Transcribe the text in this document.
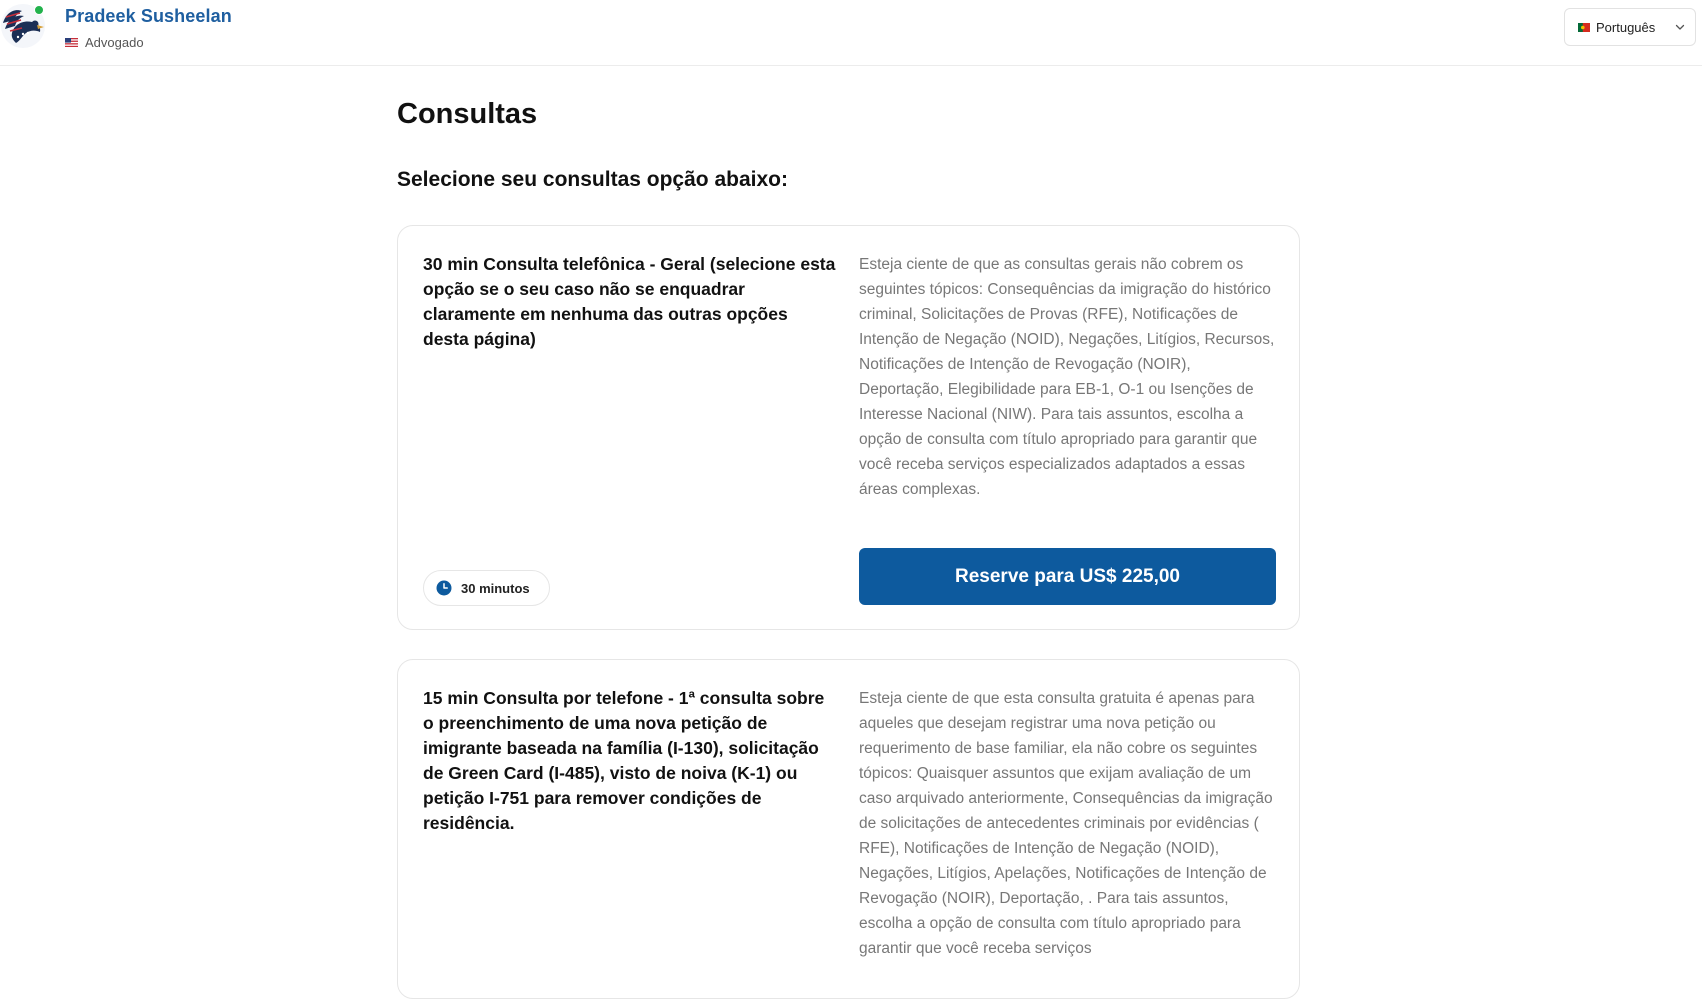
Pradeek Susheelan
Advogado
Português
Consultas
Selecione seu consultas opção abaixo:
30 min Consulta telefônica - Geral (selecione esta opção se o seu caso não se enquadrar claramente em nenhuma das outras opções desta página)
Esteja ciente de que as consultas gerais não cobrem os seguintes tópicos: Consequências da imigração do histórico criminal, Solicitações de Provas (RFE), Notificações de Intenção de Negação (NOID), Negações, Litígios, Recursos, Notificações de Intenção de Revogação (NOIR), Deportação, Elegibilidade para EB-1, O-1 ou Isenções de Interesse Nacional (NIW). Para tais assuntos, escolha a opção de consulta com título apropriado para garantir que você receba serviços especializados adaptados a essas áreas complexas.
30 minutos
Reserve para US$ 225,00
15 min Consulta por telefone - 1ª consulta sobre o preenchimento de uma nova petição de imigrante baseada na família (I-130), solicitação de Green Card (I-485), visto de noiva (K-1) ou petição I-751 para remover condições de residência.
Esteja ciente de que esta consulta gratuita é apenas para aqueles que desejam registrar uma nova petição ou requerimento de base familiar, ela não cobre os seguintes tópicos: Quaisquer assuntos que exijam avaliação de um caso arquivado anteriormente, Consequências da imigração de solicitações de antecedentes criminais por evidências ( RFE), Notificações de Intenção de Negação (NOID), Negações, Litígios, Apelações, Notificações de Intenção de Revogação (NOIR), Deportação, . Para tais assuntos, escolha a opção de consulta com título apropriado para garantir que você receba serviços
